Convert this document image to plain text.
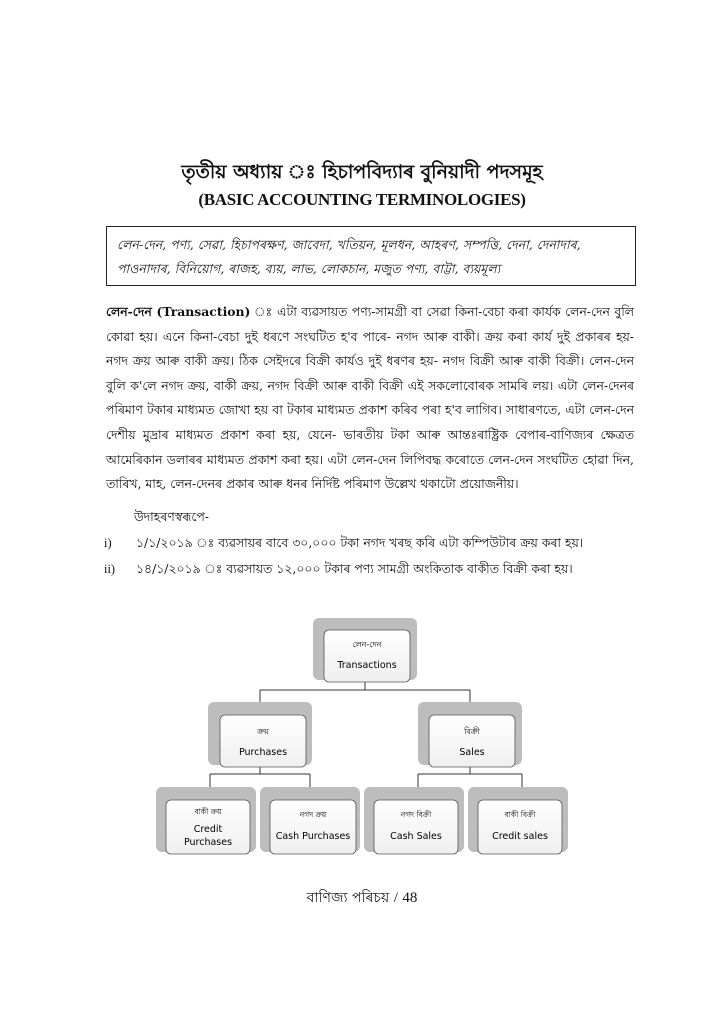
তৃতীয় অধ্যায় ঃ হিচাপবিদ্যাৰ বুনিয়াদী পদসমূহ
(BASIC ACCOUNTING TERMINOLOGIES)
লেন-দেন, পণ্য, সেৱা, হিচাপৰক্ষণ, জাবেদা, খতিয়ন, মূলধন, আহৰণ, সম্পত্তি, দেনা, দেনাদাৰ,
পাওনাদাৰ, বিনিয়োগ, ৰাজহ, ব্যয়, লাভ, লোকচান, মজুত পণ্য, বাট্টা, ব্যয়মূল্য
লেন-দেন (Transaction) ঃ এটা ব্যৱসায়ত পণ্য-সামগ্ৰী বা সেৱা কিনা-বেচা কৰা কাৰ্যক লেন-দেন বুলি কোৱা হয়। এনে কিনা-বেচা দুই ধৰণে সংঘটিত হ'ব পাৰে- নগদ আৰু বাকী। ক্ৰয় কৰা কাৰ্য দুই প্ৰকাৰৰ হয়- নগদ ক্ৰয় আৰু বাকী ক্ৰয়। ঠিক সেইদৰে বিক্ৰী কাৰ্যও দুই ধৰণৰ হয়- নগদ বিক্ৰী আৰু বাকী বিক্ৰী। লেন-দেন বুলি ক'লে নগদ ক্ৰয়, বাকী ক্ৰয়, নগদ বিক্ৰী আৰু বাকী বিক্ৰী এই সকলোবোৰক সামৰি লয়। এটা লেন-দেনৰ পৰিমাণ টকাৰ মাধ্যমত জোখা হয় বা টকাৰ মাধ্যমত প্ৰকাশ কৰিব পৰা হ'ব লাগিব। সাধাৰণতে, এটা লেন-দেন দেশীয় মুদ্ৰাৰ মাধ্যমত প্ৰকাশ কৰা হয়, যেনে- ভাৰতীয় টকা আৰু আন্তঃৰাষ্ট্ৰিক বেপাৰ-বাণিজ্যৰ ক্ষেত্ৰত আমেৰিকান ডলাৰৰ মাধ্যমত প্ৰকাশ কৰা হয়। এটা লেন-দেন লিপিবদ্ধ কৰোতে লেন-দেন সংঘটিত হোৱা দিন, তাৰিখ, মাহ, লেন-দেনৰ প্ৰকাৰ আৰু ধনৰ নিৰ্দিষ্ট পৰিমাণ উল্লেখ থকাটো প্ৰয়োজনীয়।
উদাহৰণস্বৰূপে-
i) ১/১/২০১৯ ঃ ব্যৱসায়ৰ বাবে ৩০,০০০ টকা নগদ খৰছ কৰি এটা কম্পিউটাৰ ক্ৰয় কৰা হয়।
ii) ১৪/১/২০১৯ ঃ ব্যৱসায়ত ১২,০০০ টকাৰ পণ্য সামগ্ৰী অংকিতাক বাকীত বিক্ৰী কৰা হয়।
লেন-দেন
Transactions
ক্ৰয়
Purchases
বিক্ৰী
Sales
বাকী ক্ৰয়
Credit
Purchases
নগদ ক্ৰয়
Cash Purchases
নগদ বিক্ৰী
Cash Sales
বাকী বিক্ৰী
Credit sales
বাণিজ্য পৰিচয় / 48
